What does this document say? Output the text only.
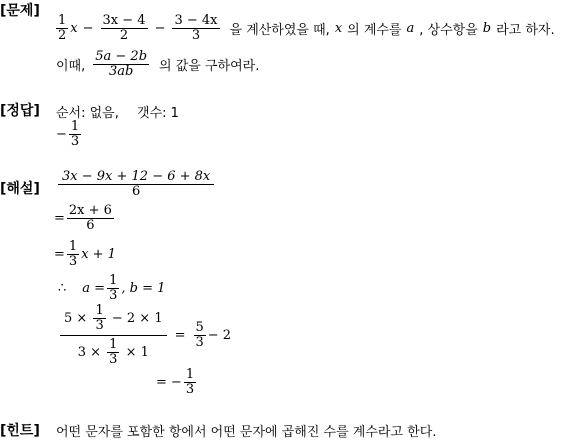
[문제]
$\frac{1}{2}$ $x - \frac{3x - 4}{2} - \frac{3 - 4x}{3}$ 을 계산하였을 때, x 의 계수를 a , 상수항을 b 라고 하자.
이때, $\frac{5a - 2b}{3ab}$ 의 값을 구하여라.
[정답] 순서: 없음, 갯수: 1
− $\frac{1}{3}$
[해설] $\frac{3x - 9x + 12 - 6 + 8x}{6}$
= $\frac{2x + 6}{6}$
= $\frac{1}{3}$ x + 1
∴ $a = \frac{1}{3}$ , b = 1
$\frac{5 \times \frac{1}{3} - 2 \times 1}{3 \times \frac{1}{3} \times 1} = \frac{5}{3} - 2$
= − $\frac{1}{3}$
[힌트] 어떤 문자를 포함한 항에서 어떤 문자에 곱해진 수를 계수라고 한다.
